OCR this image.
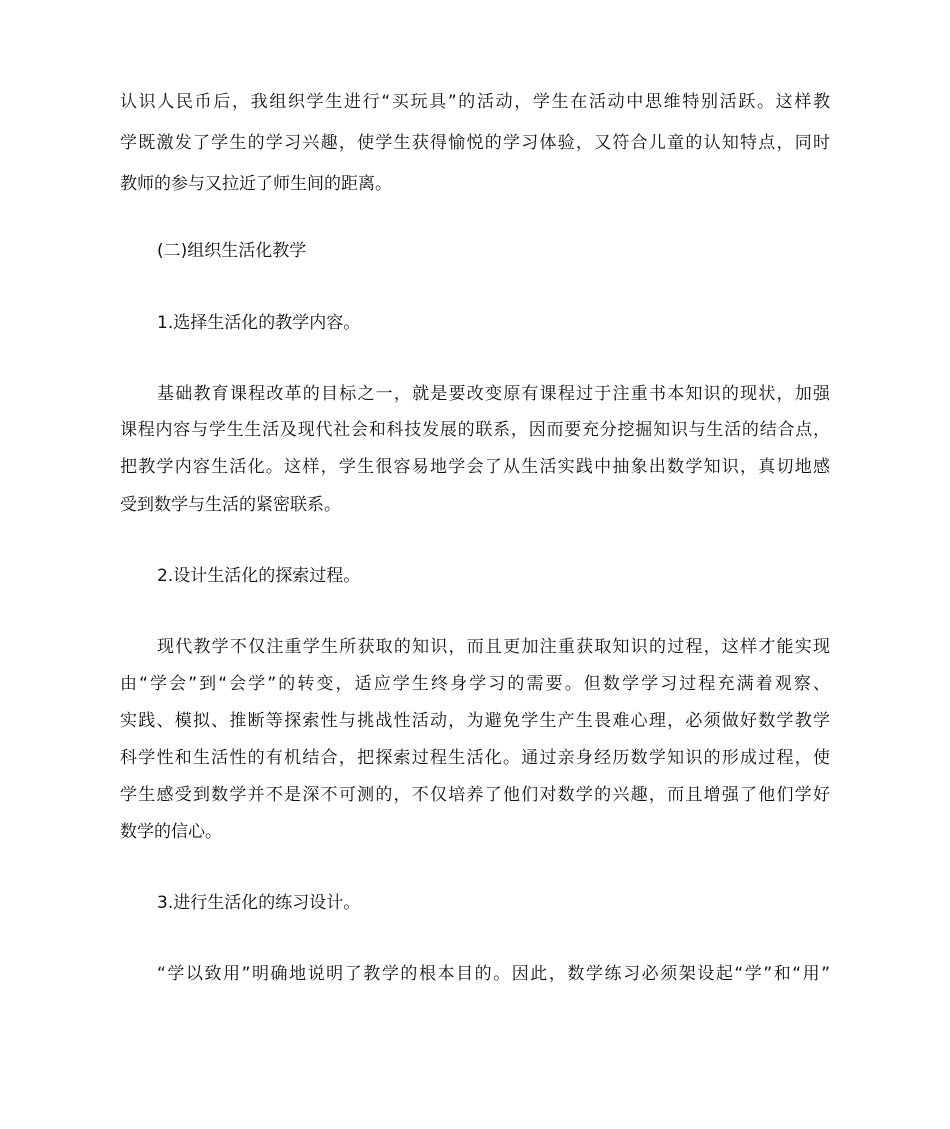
认识人民币后，我组织学生进行“买玩具”的活动，学生在活动中思维特别活跃。这样教
学既激发了学生的学习兴趣，使学生获得愉悦的学习体验，又符合儿童的认知特点，同时
教师的参与又拉近了师生间的距离。
(二)组织生活化教学
1.选择生活化的教学内容。
基础教育课程改革的目标之一，就是要改变原有课程过于注重书本知识的现状，加强
课程内容与学生生活及现代社会和科技发展的联系，因而要充分挖掘知识与生活的结合点，
把教学内容生活化。这样，学生很容易地学会了从生活实践中抽象出数学知识，真切地感
受到数学与生活的紧密联系。
2.设计生活化的探索过程。
现代教学不仅注重学生所获取的知识，而且更加注重获取知识的过程，这样才能实现
由“学会”到“会学”的转变，适应学生终身学习的需要。但数学学习过程充满着观察、
实践、模拟、推断等探索性与挑战性活动，为避免学生产生畏难心理，必须做好数学教学
科学性和生活性的有机结合，把探索过程生活化。通过亲身经历数学知识的形成过程，使
学生感受到数学并不是深不可测的，不仅培养了他们对数学的兴趣，而且增强了他们学好
数学的信心。
3.进行生活化的练习设计。
“学以致用”明确地说明了教学的根本目的。因此，数学练习必须架设起“学”和“用”
